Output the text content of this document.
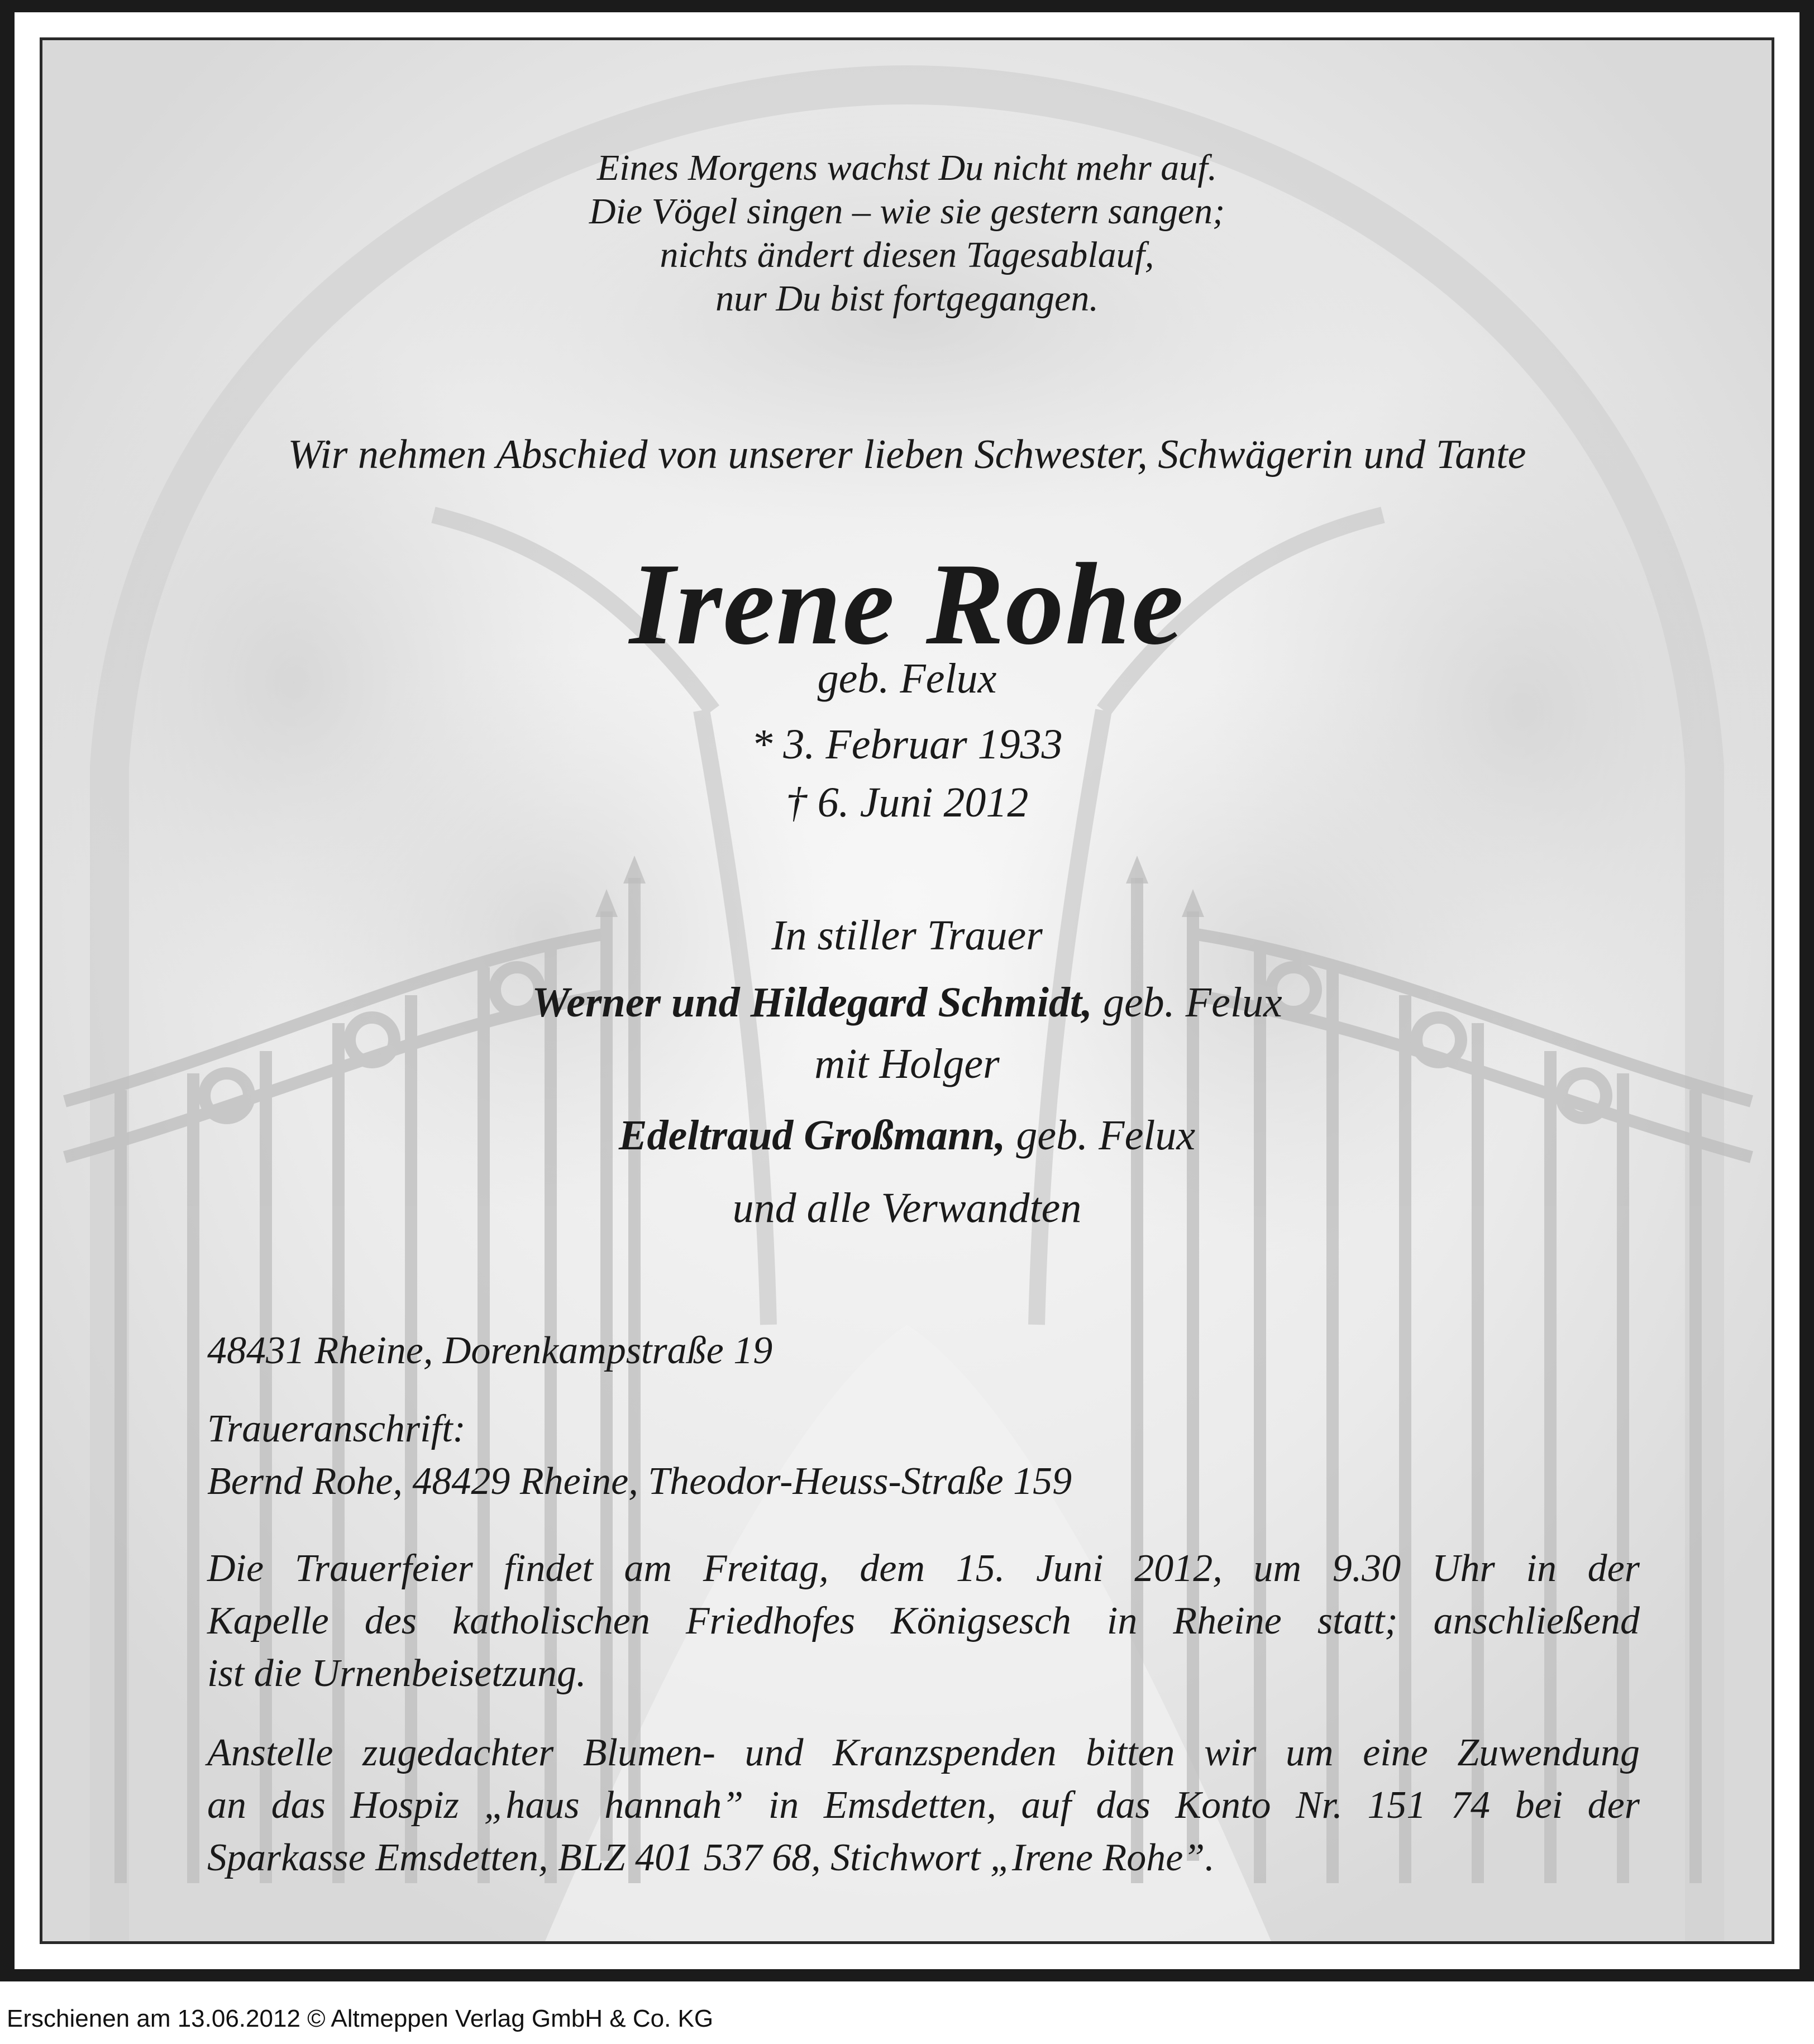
Eines Morgens wachst Du nicht mehr auf.
Die Vögel singen – wie sie gestern sangen;
nichts ändert diesen Tagesablauf,
nur Du bist fortgegangen.
Wir nehmen Abschied von unserer lieben Schwester, Schwägerin und Tante
Irene Rohe
geb. Felux
* 3. Februar 1933
† 6. Juni 2012
In stiller Trauer
Werner und Hildegard Schmidt, geb. Felux
mit Holger
Edeltraud Großmann, geb. Felux
und alle Verwandten
48431 Rheine, Dorenkampstraße 19
Traueranschrift:
Bernd Rohe, 48429 Rheine, Theodor-Heuss-Straße 159
Die Trauerfeier findet am Freitag, dem 15. Juni 2012, um 9.30 Uhr in der
Kapelle des katholischen Friedhofes Königsesch in Rheine statt; anschließend
ist die Urnenbeisetzung.
Anstelle zugedachter Blumen- und Kranzspenden bitten wir um eine Zuwendung
an das Hospiz „haus hannah” in Emsdetten, auf das Konto Nr. 151 74 bei der
Sparkasse Emsdetten, BLZ 401 537 68, Stichwort „Irene Rohe”.
Erschienen am 13.06.2012 © Altmeppen Verlag GmbH & Co. KG
